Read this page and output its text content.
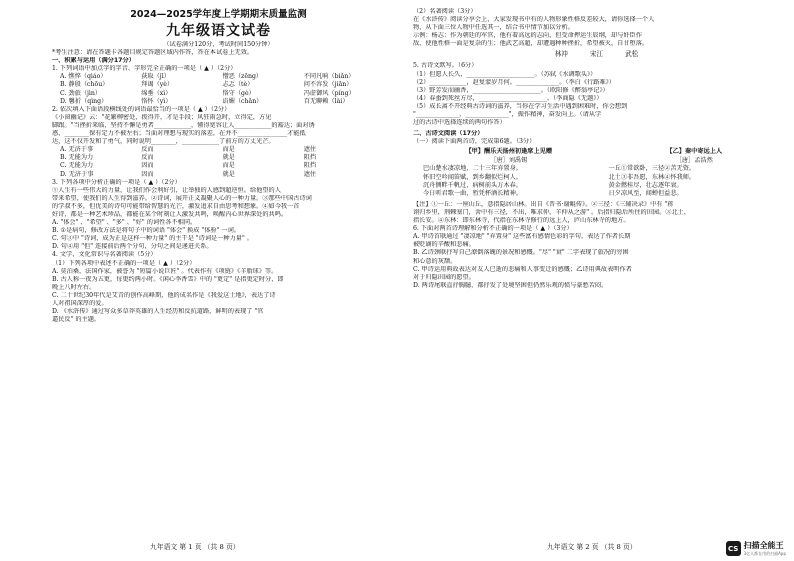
2024—2025学年度上学期期末质量监测
九年级语文试卷
（试卷满分120分，考试时间150分钟）
*考生注意：请在答题卡各题目规定答题区域内作答，答在本试卷上无效。
一、积累与运用（满分17分）
1. 下列词语中加点字的字音、字形完全正确的一项是（ ▲ ）（2分）
A. 憔悴（qiáo）	荻取（jī）	憎恶（zēng）	不同凡响（biǎn）
B. 静殷（chōu）	拜谒（yè）	忐忑（tè）	问不容发（jiān）
C. 劲旅（jìn）	绵垂（xì）	恪守（gè）	冯虚御风（píng）
D. 馨折（qìng）	恪怀（yì）	谄媚（chǎn）	百无聊赖（lài）
2. 依次填入下面语段横线处的词语最恰当的一项是（ ▲ ）（2分）
《小窗幽记》云："花繁柳密处，拨得开，才是手段；风狂雨急时，立得定，方见
脚跟。"当挫折来临，坚持不懈是勇者____________，懂得宽容让人____________的豁达；面对诱
惑，________保有定力不被左右；当面对理想与现实的落差，在并不________________才能抵
达，这不仅开发和了勇气，同时说明________，____________了前方的万丈光芒。
A. 无济于事	反而	而是	遮住
B. 无能为力	反而	就是	阻挡
C. 无能为力	因而	而是	阻挡
D. 无济于事	因而	就是	遮住
3. 下列各项中分析正确的一项是（ ▲ ）（2分）
①人生有一些伟大的力量，让我们作会利好引，让举独的人感到超逆恒。给他望的人
带来希望，使我们的人生得到滋养。②诗词，展开正义凝聚人心的一种力量。③那些中国古诗词
的学叔不多，但优美的诗句可能带给智慧的光芒，激发追求自由思考和想象。④如今我一首
好诗，都是一种艺术珍品，都能在某个时刻让人激发共鸣，唤醒内心世界深处的共鸣。
A. "体会" 、"希望" 、"多" 、"好" 的词性各不相同。
B. ①是病句，修改方法是将句子中的词语 "体会" 换成 "体验" 一词。
C. 句③中 "诗词，成为正是这样一种力量" 的主干是 "诗词是一种力量" 。
D. 句④用 "但" 连接前后两个分句，分句之间是递进关系。
4. 文学、文化常识与名著阅读（5分）
（1）下列各项中表述不正确的一项是（ ▲ ）（2分）
A. 莫泊桑，法国作家，被誉为 "短篇小说巨匠" 。代表作有《项链》《羊脂球》等。
B. 古人称一夜为五更，每更约两小时。《闲心李香雪》中的 "更定" 是指更定时分，即
晚上八时左右。
C. 二十世纪30年代是艾青的创作高峰期，他的成名作是《我爱这土地》，表达了诗
人对祖国深厚的爱。
D. 《水浒传》通过写众多草莽英雄的人生经历和反抗道路，鲜明的表现了 "官
逼民反" 的主题。
九年语文 第 1 页 （共 8 页）
（2）名著阅读（3分）
在《水浒传》阅读分享会上，大家发现书中有的人物形象性格反差较大，请你选择一个人
物，从下面三位人物中任选其一，结合书中情节加以分析。
示例：杨志：作为朝廷的军官，他有着高远的志向，但受命押运生辰纲，却与奸臣作
敌，使他性格一面是复杂的生；他武艺高超，却遭遇种种挫折，希望被灭，自甘堕落。
林冲	宋江	武松
5. 古诗文默写。（6分）
（1）但愿人长久，______________________。（苏轼《水调歌头》）
（2）____________，赵复蒙岁月何。______________。（李白《行路难》）
（3）野芳发而幽香，______________________。（欧阳修《醉翁亭记》）
（4）春蚕到死丝方尽，______________________。（李商隐《无题》）
（5）成长离不开经典古诗词的滋养，当你在学习生活中遇到困难时，你会想到
"______________，______________"，振作精神，奋发向上。（请从学
过的古诗中选择连续的两句作答）
二、古诗文阅读（17分）
（一）阅读下面两首诗，完成第6题。（3分）
【甲】酬乐天扬州初逢席上见赠
［唐］刘禹锡
巴山楚水凄凉地，二十三年弃置身。
怀旧空吟闻笛赋，到乡翻似烂柯人。
沉舟侧畔千帆过，病树前头万木春。
今日听君歌一曲，暂凭杯酒长精神。
【乙】秦中寄远上人
［唐］孟浩然
一丘①常欲卧，三径②苦无资。
北土③非吾愿，东林④怀我师。
黄金燃桂尽，壮志逐年衰。
日夕凉风至，闻蝉但益悲。
【注】①一丘：一座山丘，意指隐居山林。出自《晋书·谢鲲传》。②三径：《三辅决录》中有 "蒋
诩归乡里，荆棘塞门，舍中有三径，不出，唯求仲、羊仲从之游" 。后指归隐后所住的田园。③北土，
指长安。④东林：即东林寺，代指在东林寺修行的远上人，庐山东林寺的地方。
6. 下面对两首诗理解和分析不正确的一项是（ ▲ ）（3分）
A. 甲诗首联通过 "凄凉地" "弃置身" 这些富有感情色彩的字句，表达了作者长期
被贬谪的辛酸和悲痛。
B. 乙诗颈联抒写自己潦倒落魄的景况和感慨。"尽" "衰" 二字表现了旅况的穷困
和心意的灰颓。
C. 甲诗运用典故表达对友人已逝的悲痛和人事变迁的感慨；乙诗用典故表明作者
对于归隐田园的愿望。
D. 两诗尾联直抒胸臆，都抒发了处境坚困但仍然乐观的愤与豪愁苦闷。
九年语文 第 2 页 （共 8 页）	CS 扫描全能王
3亿人都在用的扫描App
